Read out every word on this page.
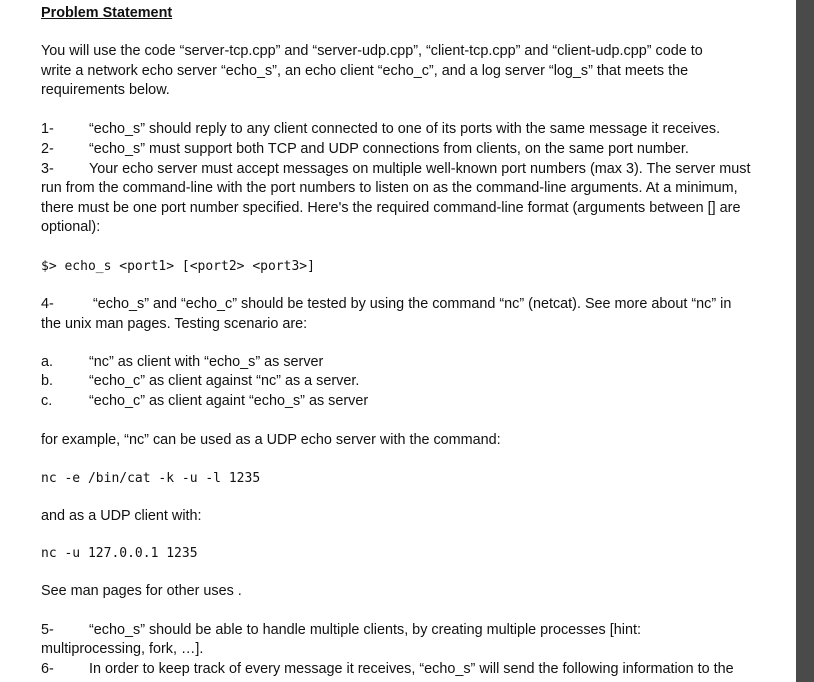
Problem Statement
You will use the code “server-tcp.cpp” and “server-udp.cpp”, “client-tcp.cpp” and “client-udp.cpp” code to
write a network echo server “echo_s”, an echo client “echo_c”, and a log server “log_s” that meets the
requirements below.
1- “echo_s” should reply to any client connected to one of its ports with the same message it receives.
2- “echo_s” must support both TCP and UDP connections from clients, on the same port number.
3- Your echo server must accept messages on multiple well-known port numbers (max 3). The server must
run from the command-line with the port numbers to listen on as the command-line arguments. At a minimum,
there must be one port number specified. Here's the required command-line format (arguments between [] are
optional):
$> echo_s <port1> [<port2> <port3>]
4-	“echo_s” and “echo_c” should be tested by using the command “nc” (netcat). See more about “nc” in
the unix man pages. Testing scenario are:
a. “nc” as client with “echo_s” as server
b. “echo_c” as client against “nc” as a server.
c.	“echo_c” as client againt “echo_s” as server
for example, “nc” can be used as a UDP echo server with the command:
nc -e /bin/cat -k -u -l 1235
and as a UDP client with:
nc -u 127.0.0.1 1235
See man pages for other uses .
5- “echo_s” should be able to handle multiple clients, by creating multiple processes [hint:
multiprocessing, fork, …].
6- In order to keep track of every message it receives, “echo_s” will send the following information to the
